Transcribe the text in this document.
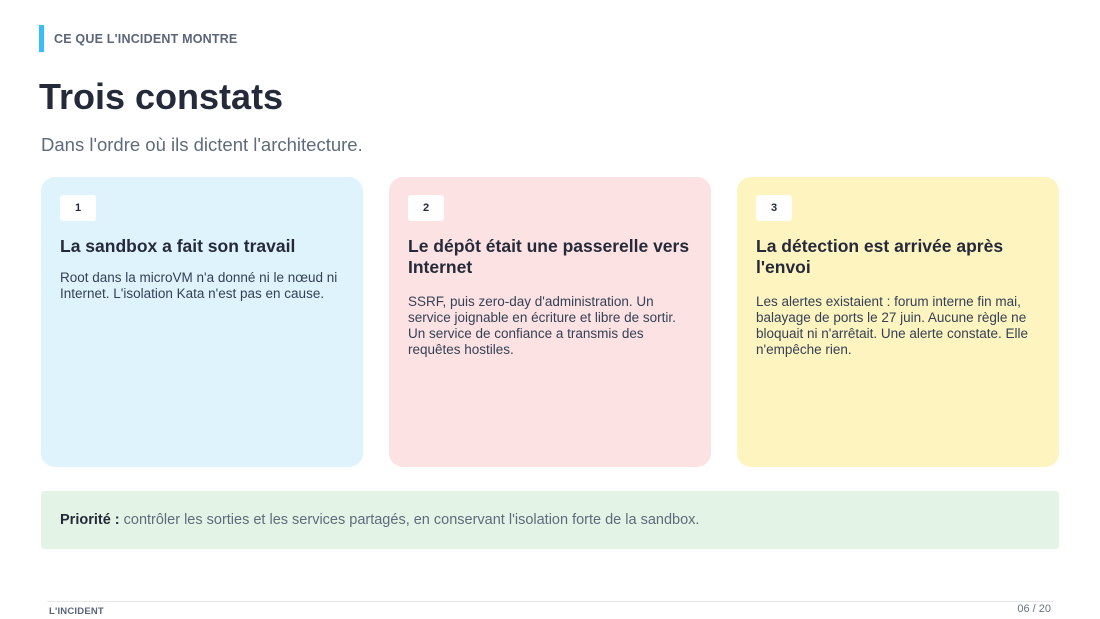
CE QUE L'INCIDENT MONTRE
Trois constats

Dans l'ordre où ils dictent l'architecture.

1
La sandbox a fait son travail

Root dans la microVM n'a donné ni le nœud ni Internet. L'isolation Kata n'est pas en cause.

2
Le dépôt était une passerelle vers Internet

SSRF, puis zero-day d'administration. Un service joignable en écriture et libre de sortir. Un service de confiance a transmis des requêtes hostiles.

3
La détection est arrivée après l'envoi

Les alertes existaient : forum interne fin mai, balayage de ports le 27 juin. Aucune règle ne bloquait ni n'arrêtait. Une alerte constate. Elle n'empêche rien.

Priorité : contrôler les sorties et les services partagés, en conservant l'isolation forte de la sandbox.
L'INCIDENT	06 / 20
